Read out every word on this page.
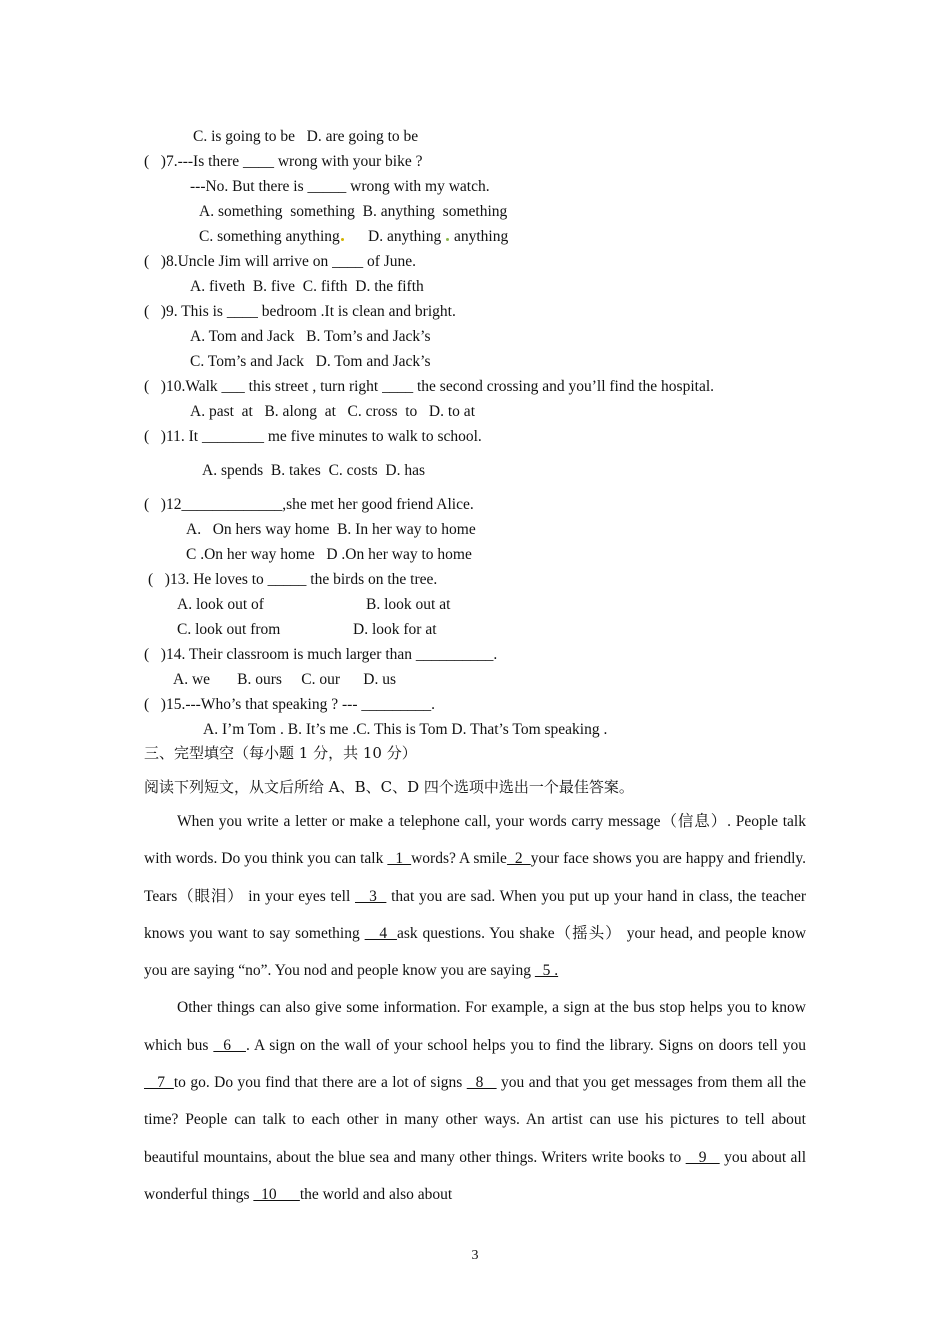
C. is going to be   D. are going to be
(   )7.---Is there ____ wrong with your bike ?
---No. But there is _____ wrong with my watch.
A. something  something  B. anything  something
C. something anything D. anything anything
(   )8.Uncle Jim will arrive on ____ of June.
A. fiveth  B. five  C. fifth  D. the fifth
(   )9. This is ____ bedroom .It is clean and bright.
A. Tom and Jack   B. Tom’s and Jack’s
C. Tom’s and Jack   D. Tom and Jack’s
(   )10.Walk ___ this street , turn right ____ the second crossing and you’ll find the hospital.
A. past  at   B. along  at   C. cross  to   D. to at
(   )11. It ________ me five minutes to walk to school.
A. spends  B. takes  C. costs  D. has
(   )12_____________,she met her good friend Alice.
A.   On hers way home  B. In her way to home
C .On her way home   D .On her way to home
(   )13. He loves to _____ the birds on the tree.
A. look out of	B. look out at
C. look out from	D. look for at
(   )14. Their classroom is much larger than __________.
A. we       B. ours     C. our      D. us
(   )15.---Who’s that speaking ? --- _________.
A. I’m Tom . B. It’s me .C. This is Tom D. That’s Tom speaking .
三、完型填空（每小题 1 分，共 10 分）
阅读下列短文，从文后所给 A、B、C、D 四个选项中选出一个最佳答案。

When you write a letter or make a telephone call, your words carry message（信息）. People talk with words. Do you think you can talk   1  words? A smile  2  your face shows you are happy and friendly. Tears（眼泪） in your eyes tell    3   that you are sad. When you put up your hand in class, the teacher knows you want to say something    4  ask questions. You shake（摇头） your head, and people know you are saying “no”. You nod and people know you are saying   5 .

Other things can also give some information. For example, a sign at the bus stop helps you to know which bus   6   . A sign on the wall of your school helps you to find the library. Signs on doors tell you    7  to go. Do you find that there are a lot of signs   8    you and that you get messages from them all the time? People can talk to each other in many other ways. An artist can use his pictures to tell about beautiful mountains, about the blue sea and many other things. Writers write books to    9    you about all wonderful things   10      the world and also about

3
